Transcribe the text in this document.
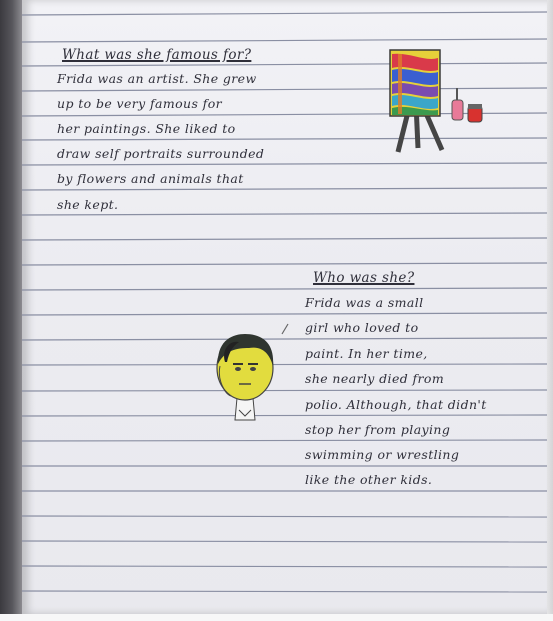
What was she famous for?

Frida was an artist. She grew

up to be very famous for

her paintings. She liked to

draw self portraits surrounded

by flowers and animals that

she kept.

Who was she?

Frida was a small

girl who loved to

paint. In her time,

she nearly died from

polio. Although, that didn't

stop her from playing

swimming or wrestling

like the other kids.
